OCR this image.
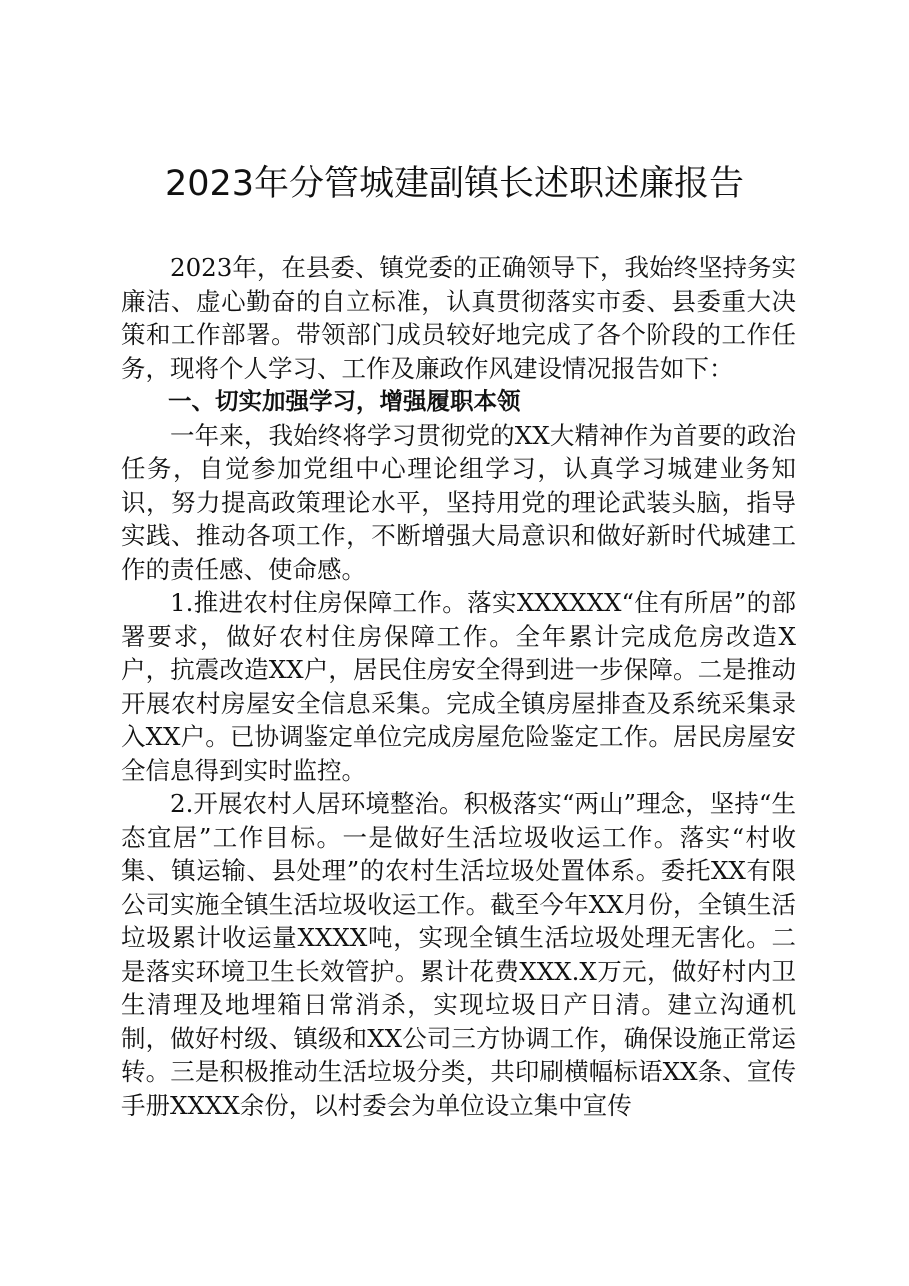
2023年分管城建副镇长述职述廉报告

2023年，在县委、镇党委的正确领导下，我始终坚持务实廉洁、虚心勤奋的自立标准，认真贯彻落实市委、县委重大决策和工作部署。带领部门成员较好地完成了各个阶段的工作任务，现将个人学习、工作及廉政作风建设情况报告如下：

一、切实加强学习，增强履职本领

一年来，我始终将学习贯彻党的XX大精神作为首要的政治任务，自觉参加党组中心理论组学习，认真学习城建业务知识，努力提高政策理论水平，坚持用党的理论武装头脑，指导实践、推动各项工作，不断增强大局意识和做好新时代城建工作的责任感、使命感。

1.推进农村住房保障工作。落实XXXXXX“住有所居”的部署要求，做好农村住房保障工作。全年累计完成危房改造X户，抗震改造XX户，居民住房安全得到进一步保障。二是推动开展农村房屋安全信息采集。完成全镇房屋排查及系统采集录入XX户。已协调鉴定单位完成房屋危险鉴定工作。居民房屋安全信息得到实时监控。

2.开展农村人居环境整治。积极落实“两山”理念，坚持“生态宜居”工作目标。一是做好生活垃圾收运工作。落实“村收集、镇运输、县处理”的农村生活垃圾处置体系。委托XX有限公司实施全镇生活垃圾收运工作。截至今年XX月份，全镇生活垃圾累计收运量XXXX吨，实现全镇生活垃圾处理无害化。二是落实环境卫生长效管护。累计花费XXX.X万元，做好村内卫生清理及地埋箱日常消杀，实现垃圾日产日清。建立沟通机制，做好村级、镇级和XX公司三方协调工作，确保设施正常运转。三是积极推动生活垃圾分类，共印刷横幅标语XX条、宣传手册XXXX余份，以村委会为单位设立集中宣传
